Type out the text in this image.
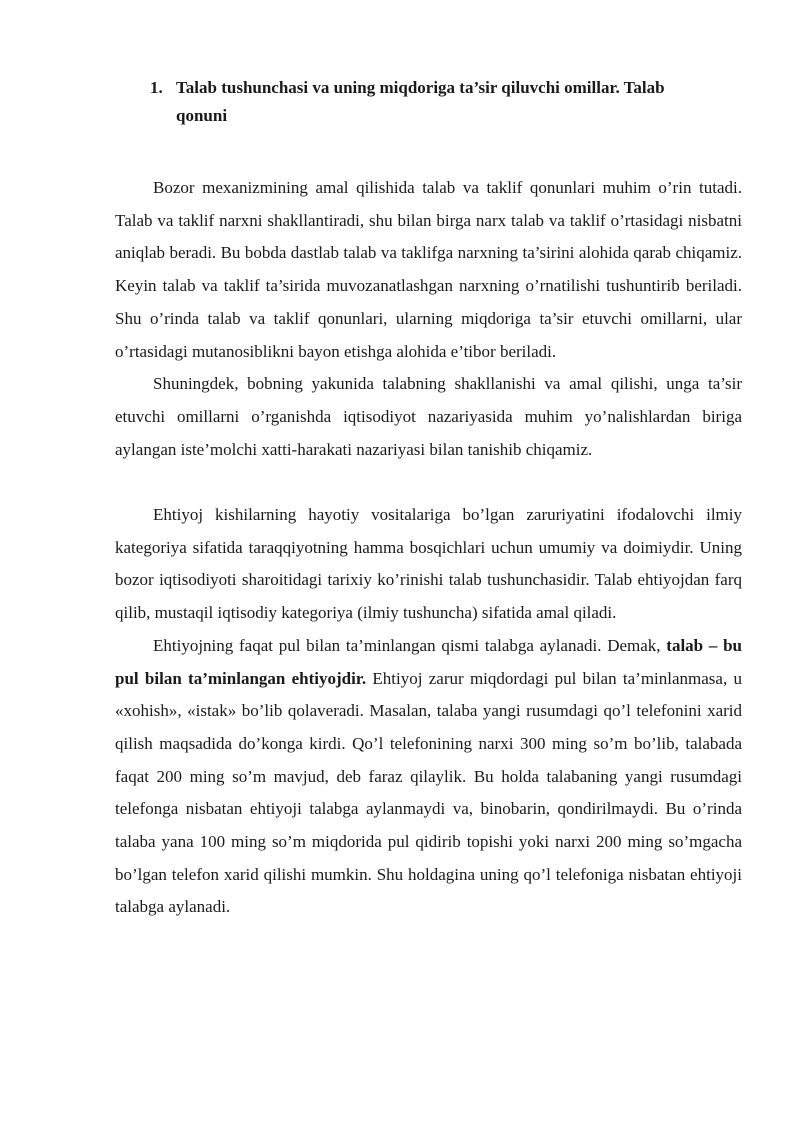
1. Talab tushunchasi va uning miqdoriga ta’sir qiluvchi omillar. Talab
qonuni

Bozor mexanizmining amal qilishida talab va taklif qonunlari muhim o’rin tutadi. Talab va taklif narxni shakllantiradi, shu bilan birga narx talab va taklif o’rtasidagi nisbatni aniqlab beradi. Bu bobda dastlab talab va taklifga narxning ta’sirini alohida qarab chiqamiz. Keyin talab va taklif ta’sirida muvozanatlashgan narxning o’rnatilishi tushuntirib beriladi. Shu o’rinda talab va taklif qonunlari, ularning miqdoriga ta’sir etuvchi omillarni, ular o’rtasidagi mutanosiblikni bayon etishga alohida e’tibor beriladi.

Shuningdek, bobning yakunida talabning shakllanishi va amal qilishi, unga ta’sir etuvchi omillarni o’rganishda iqtisodiyot nazariyasida muhim yo’nalishlardan biriga aylangan iste’molchi xatti-harakati nazariyasi bilan tanishib chiqamiz.

Ehtiyoj kishilarning hayotiy vositalariga bo’lgan zaruriyatini ifodalovchi ilmiy kategoriya sifatida taraqqiyotning hamma bosqichlari uchun umumiy va doimiydir. Uning bozor iqtisodiyoti sharoitidagi tarixiy ko’rinishi talab tushunchasidir. Talab ehtiyojdan farq qilib, mustaqil iqtisodiy kategoriya (ilmiy tushuncha) sifatida amal qiladi.

Ehtiyojning faqat pul bilan ta’minlangan qismi talabga aylanadi. Demak, talab – bu pul bilan ta’minlangan ehtiyojdir. Ehtiyoj zarur miqdordagi pul bilan ta’minlanmasa, u «xohish», «istak» bo’lib qolaveradi. Masalan, talaba yangi rusumdagi qo’l telefonini xarid qilish maqsadida do’konga kirdi. Qo’l telefonining narxi 300 ming so’m bo’lib, talabada faqat 200 ming so’m mavjud, deb faraz qilaylik. Bu holda talabaning yangi rusumdagi telefonga nisbatan ehtiyoji talabga aylanmaydi va, binobarin, qondirilmaydi. Bu o’rinda talaba yana 100 ming so’m miqdorida pul qidirib topishi yoki narxi 200 ming so’mgacha bo’lgan telefon xarid qilishi mumkin. Shu holdagina uning qo’l telefoniga nisbatan ehtiyoji talabga aylanadi.
